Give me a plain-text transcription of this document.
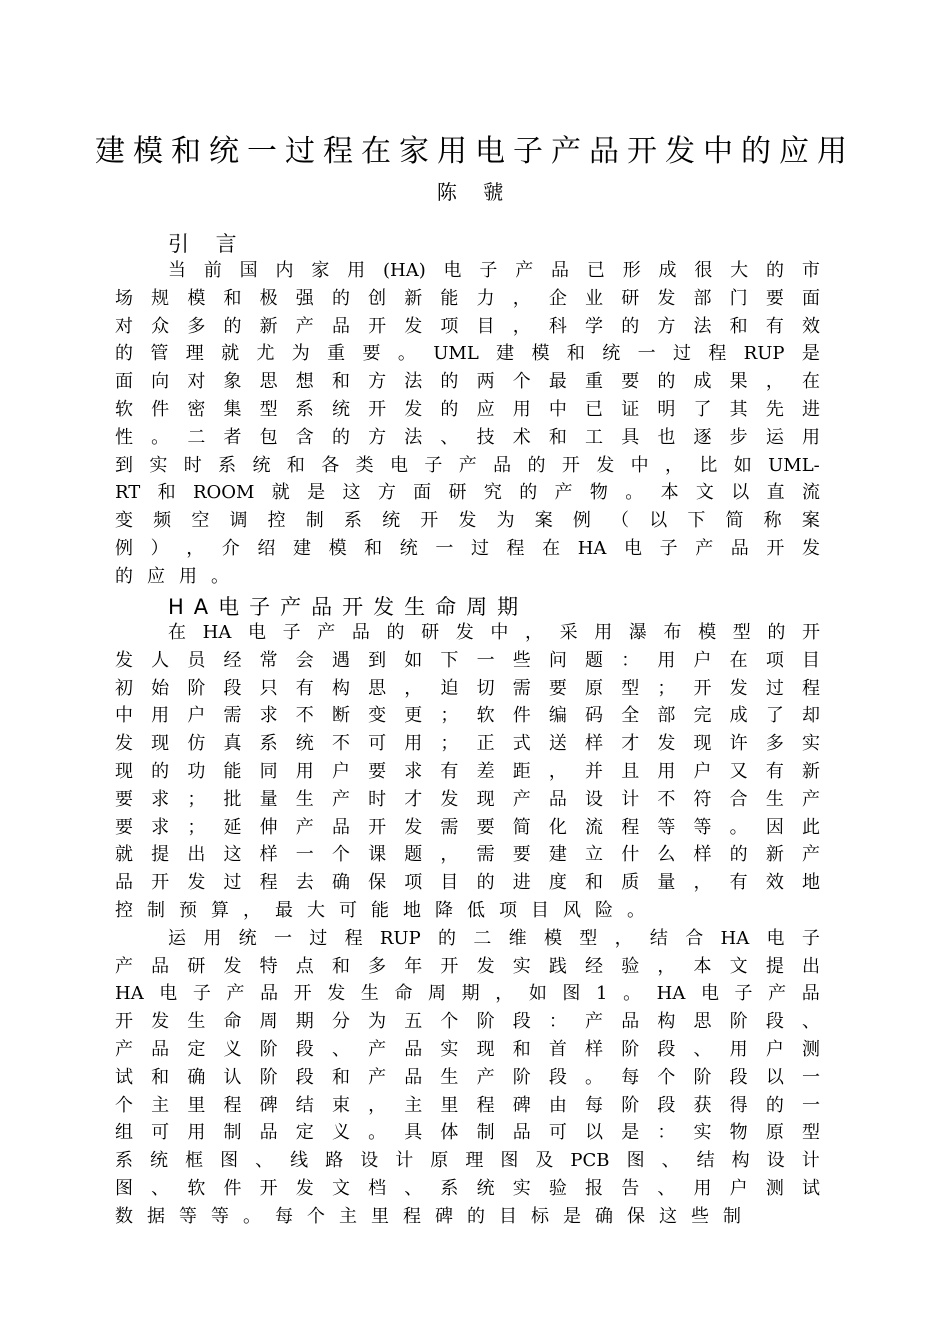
建模和统一过程在家用电子产品开发中的应用
陈 虢
引 言
当 前 国 内 家 用 (HA) 电 子 产 品 已 形 成 很 大 的 市
场 规 模 和 极 强 的 创 新 能 力 ， 企 业 研 发 部 门 要 面
对 众 多 的 新 产 品 开 发 项 目 ， 科 学 的 方 法 和 有 效
的 管 理 就 尤 为 重 要 。 UML 建 模 和 统 一 过 程 RUP 是
面 向 对 象 思 想 和 方 法 的 两 个 最 重 要 的 成 果 ， 在
软 件 密 集 型 系 统 开 发 的 应 用 中 已 证 明 了 其 先 进
性 。 二 者 包 含 的 方 法 、 技 术 和 工 具 也 逐 步 运 用
到 实 时 系 统 和 各 类 电 子 产 品 的 开 发 中 ， 比 如 UML-
RT 和 ROOM 就 是 这 方 面 研 究 的 产 物 。 本 文 以 直 流
变 频 空 调 控 制 系 统 开 发 为 案 例 （ 以 下 简 称 案
例 ） ， 介 绍 建 模 和 统 一 过 程 在 HA 电 子 产 品 开 发
的应用。
HA电子产品开发生命周期
在 HA 电 子 产 品 的 研 发 中 ， 采 用 瀑 布 模 型 的 开
发 人 员 经 常 会 遇 到 如 下 一 些 问 题 ： 用 户 在 项 目
初 始 阶 段 只 有 构 思 ， 迫 切 需 要 原 型 ； 开 发 过 程
中 用 户 需 求 不 断 变 更 ； 软 件 编 码 全 部 完 成 了 却
发 现 仿 真 系 统 不 可 用 ； 正 式 送 样 才 发 现 许 多 实
现 的 功 能 同 用 户 要 求 有 差 距 ， 并 且 用 户 又 有 新
要 求 ； 批 量 生 产 时 才 发 现 产 品 设 计 不 符 合 生 产
要 求 ； 延 伸 产 品 开 发 需 要 简 化 流 程 等 等 。 因 此
就 提 出 这 样 一 个 课 题 ， 需 要 建 立 什 么 样 的 新 产
品 开 发 过 程 去 确 保 项 目 的 进 度 和 质 量 ， 有 效 地
控制预算，最大可能地降低项目风险。
运 用 统 一 过 程 RUP 的 二 维 模 型 ， 结 合 HA 电 子
产 品 研 发 特 点 和 多 年 开 发 实 践 经 验 ， 本 文 提 出
HA 电 子 产 品 开 发 生 命 周 期 ， 如 图 1 。 HA 电 子 产 品
开 发 生 命 周 期 分 为 五 个 阶 段 ： 产 品 构 思 阶 段 、
产 品 定 义 阶 段 、 产 品 实 现 和 首 样 阶 段 、 用 户 测
试 和 确 认 阶 段 和 产 品 生 产 阶 段 。 每 个 阶 段 以 一
个 主 里 程 碑 结 束 ， 主 里 程 碑 由 每 阶 段 获 得 的 一
组 可 用 制 品 定 义 。 具 体 制 品 可 以 是 ： 实 物 原 型
系 统 框 图 、 线 路 设 计 原 理 图 及 PCB 图 、 结 构 设 计
图 、 软 件 开 发 文 档 、 系 统 实 验 报 告 、 用 户 测 试
数据等等。每个主里程碑的目标是确保这些制
